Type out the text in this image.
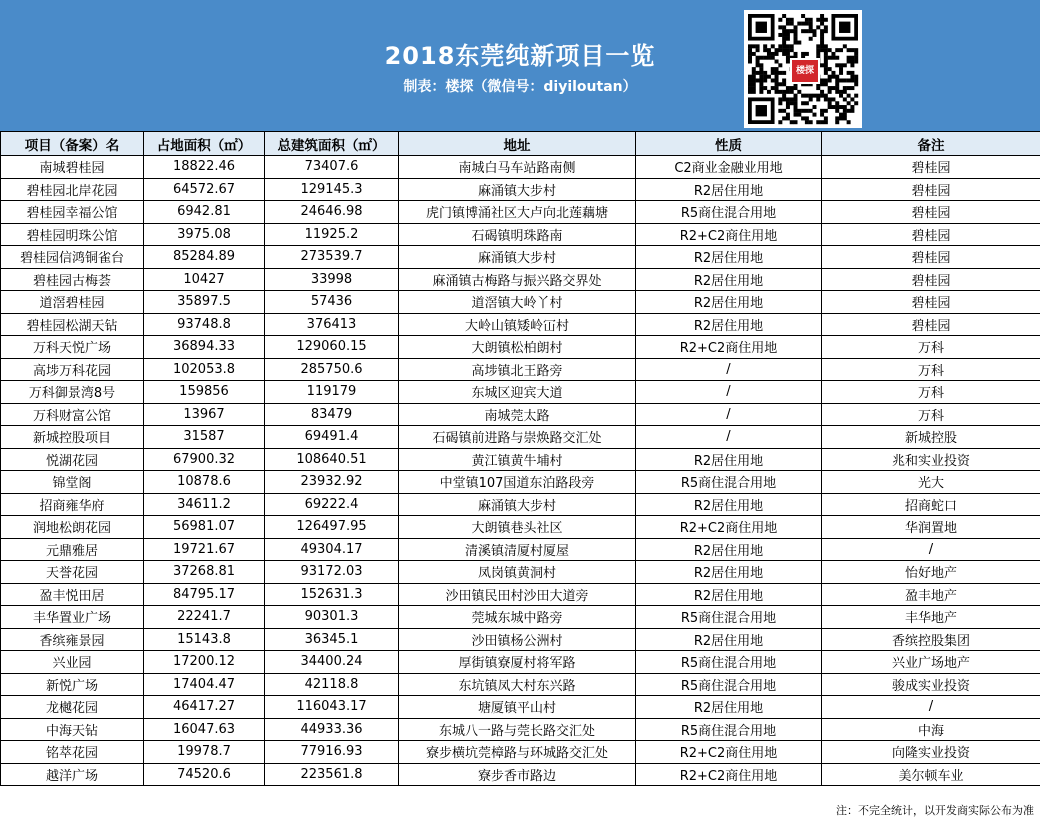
2018东莞纯新项目一览
制表：楼探（微信号：diyiloutan）
楼探
项目（备案）名	占地面积（㎡）	总建筑面积（㎡）	地址	性质	备注
南城碧桂园	18822.46	73407.6	南城白马车站路南侧	C2商业金融业用地	碧桂园
碧桂园北岸花园	64572.67	129145.3	麻涌镇大步村	R2居住用地	碧桂园
碧桂园幸福公馆	6942.81	24646.98	虎门镇博涌社区大卢向北莲藕塘	R5商住混合用地	碧桂园
碧桂园明珠公馆	3975.08	11925.2	石碣镇明珠路南	R2+C2商住用地	碧桂园
碧桂园信鸿铜雀台	85284.89	273539.7	麻涌镇大步村	R2居住用地	碧桂园
碧桂园古梅荟	10427	33998	麻涌镇古梅路与振兴路交界处	R2居住用地	碧桂园
道滘碧桂园	35897.5	57436	道滘镇大岭丫村	R2居住用地	碧桂园
碧桂园松湖天钻	93748.8	376413	大岭山镇矮岭冚村	R2居住用地	碧桂园
万科天悦广场	36894.33	129060.15	大朗镇松柏朗村	R2+C2商住用地	万科
高埗万科花园	102053.8	285750.6	高埗镇北王路旁	/	万科
万科御景湾8号	159856	119179	东城区迎宾大道	/	万科
万科财富公馆	13967	83479	南城莞太路	/	万科
新城控股项目	31587	69491.4	石碣镇前进路与崇焕路交汇处	/	新城控股
悦湖花园	67900.32	108640.51	黄江镇黄牛埔村	R2居住用地	兆和实业投资
锦堂阁	10878.6	23932.92	中堂镇107国道东泊路段旁	R5商住混合用地	光大
招商雍华府	34611.2	69222.4	麻涌镇大步村	R2居住用地	招商蛇口
润地松朗花园	56981.07	126497.95	大朗镇巷头社区	R2+C2商住用地	华润置地
元鼎雅居	19721.67	49304.17	清溪镇清厦村厦屋	R2居住用地	/
天誉花园	37268.81	93172.03	凤岗镇黄洞村	R2居住用地	怡好地产
盈丰悦田居	84795.17	152631.3	沙田镇民田村沙田大道旁	R2居住用地	盈丰地产
丰华置业广场	22241.7	90301.3	莞城东城中路旁	R5商住混合用地	丰华地产
香缤雍景园	15143.8	36345.1	沙田镇杨公洲村	R2居住用地	香缤控股集团
兴业园	17200.12	34400.24	厚街镇寮厦村将军路	R5商住混合用地	兴业广场地产
新悦广场	17404.47	42118.8	东坑镇凤大村东兴路	R5商住混合用地	骏成实业投资
龙樾花园	46417.27	116043.17	塘厦镇平山村	R2居住用地	/
中海天钻	16047.63	44933.36	东城八一路与莞长路交汇处	R5商住混合用地	中海
铭萃花园	19978.7	77916.93	寮步横坑莞樟路与环城路交汇处	R2+C2商住用地	向隆实业投资
越洋广场	74520.6	223561.8	寮步香市路边	R2+C2商住用地	美尔顿车业
注：不完全统计，以开发商实际公布为准
